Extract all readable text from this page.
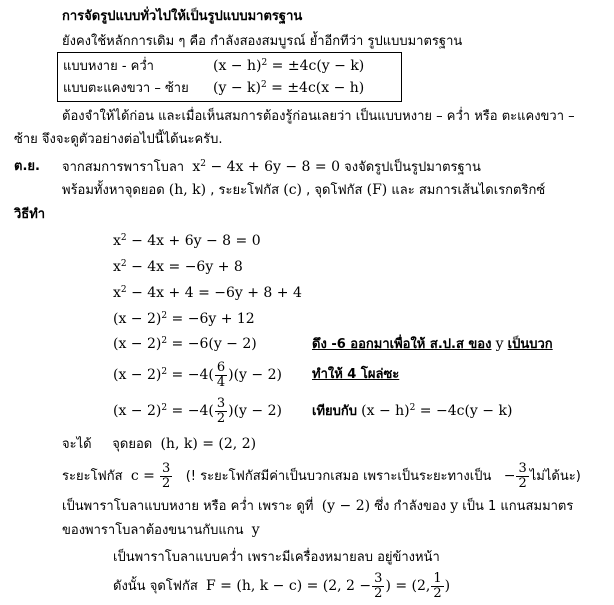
การจัดรูปแบบทั่วไปให้เป็นรูปแบบมาตรฐาน
ยังคงใช้หลักการเดิม ๆ คือ กำลังสองสมบูรณ์ ย้ำอีกทีว่า รูปแบบมาตรฐาน
แบบหงาย - คว่ำ	$(x - h)^2 = \pm 4c(y - k)$
แบบตะแคงขวา – ซ้าย $(y - k)^2 = \pm 4c(x - h)$
ต้องจำให้ได้ก่อน และเมื่อเห็นสมการต้องรู้ก่อนเลยว่า เป็นแบบหงาย – คว่ำ หรือ ตะแคงขวา –
ซ้าย จึงจะดูตัวอย่างต่อไปนี้ได้นะครับ.
ต.ย. จากสมการพาราโบลา $x^2 - 4x + 6y - 8 = 0$ จงจัดรูปเป็นรูปมาตรฐาน
พร้อมทั้งหาจุดยอด (h, k) , ระยะโฟกัส (c) , จุดโฟกัส (F) และ สมการเส้นไดเรกตริกซ์
วิธีทำ
$x^2 - 4x + 6y - 8 = 0$
$x^2 - 4x = -6y + 8$
$x^2 - 4x + 4 = -6y + 8 + 4$
$(x - 2)^2 = -6y + 12$
$(x - 2)^2 = -6(y - 2)$	ดึง -6 ออกมาเพื่อให้ ส.ป.ส ของ y เป็นบวก
$(x - 2)^2 = -4( \frac{6}{4} )(y - 2)$ ทำให้ 4 โผล่ซะ
$(x - 2)^2 = -4( \frac{3}{2} )(y - 2)$ เทียบกับ $(x - h)^2 = -4c(y - k)$
จะได้ จุดยอด (h, k) = (2, 2)
ระยะโฟกัส $c = \frac{3}{2}$ (! ระยะโฟกัสมีค่าเป็นบวกเสมอ เพราะเป็นระยะทางเป็น − $\frac{3}{2}$ ไม่ได้นะ)
เป็นพาราโบลาแบบหงาย หรือ คว่ำ เพราะ ดูที่ (y − 2) ซึ่ง กำลังของ y เป็น 1 แกนสมมาตร
ของพาราโบลาต้องขนานกับแกน y
เป็นพาราโบลาแบบคว่ำ เพราะมีเครื่องหมายลบ อยู่ข้างหน้า
ดังนั้น จุดโฟกัส F = (h, k − c) = (2, $2 - \frac{3}{2}$ ) = (2, $\frac{1}{2}$ )
